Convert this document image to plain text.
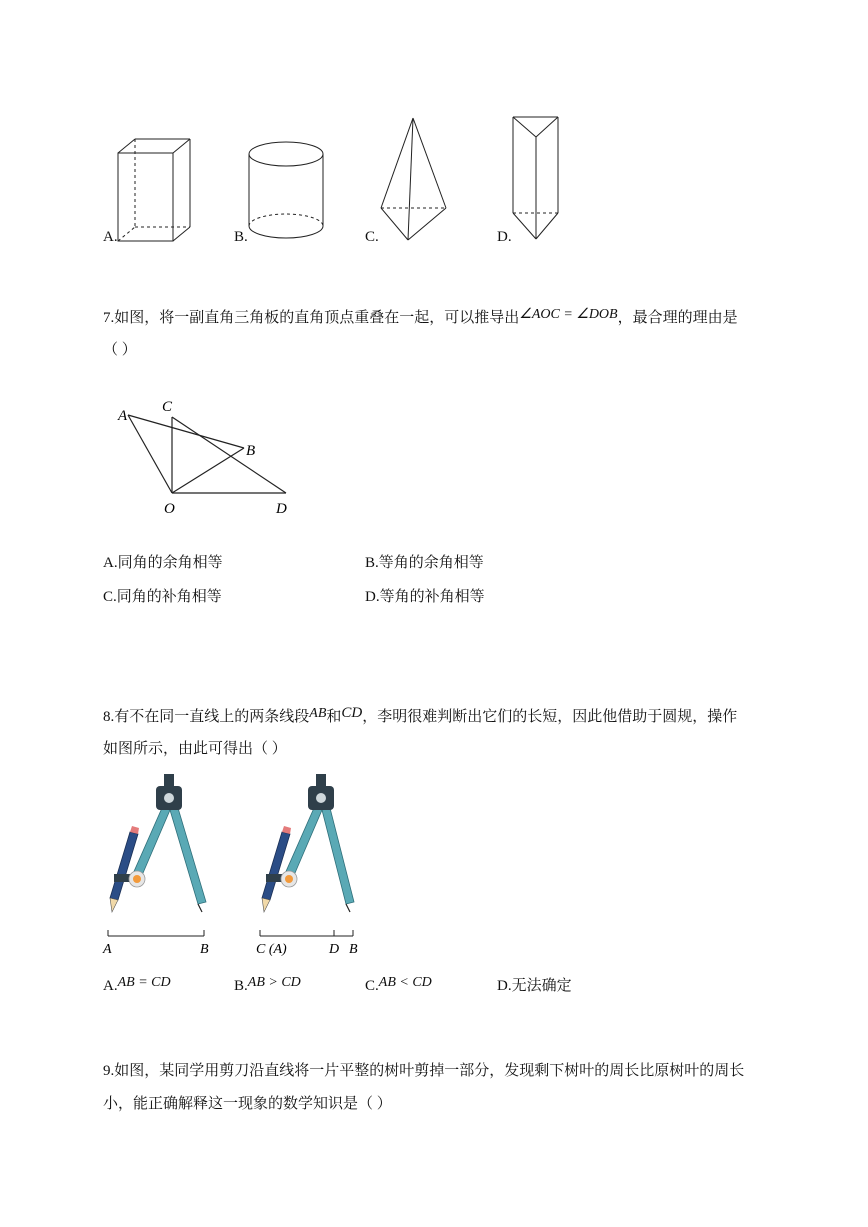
A.	B.	C.	D.
7.如图，将一副直角三角板的直角顶点重叠在一起，可以推导出∠AOC = ∠DOB，最合理的理由是
（ ）
A
C
B
O	D
A.同角的余角相等	B.等角的余角相等
C.同角的补角相等	D.等角的补角相等
8.有不在同一直线上的两条线段AB和CD，李明很难判断出它们的长短，因此他借助于圆规，操作
如图所示，由此可得出（ ）
A	B	C (A)	D B
A.AB = CD	B.AB > CD	C.AB < CD	D.无法确定
9.如图，某同学用剪刀沿直线将一片平整的树叶剪掉一部分，发现剩下树叶的周长比原树叶的周长
小，能正确解释这一现象的数学知识是（ ）
